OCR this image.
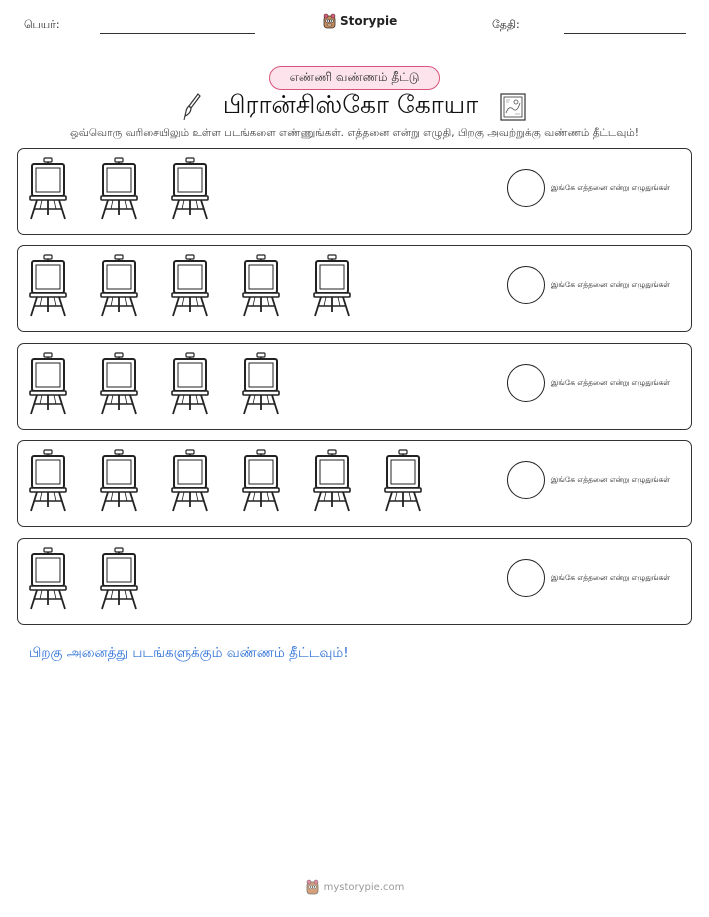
பெயர்:	Storypie	தேதி:
எண்ணி வண்ணம் தீட்டு
பிரான்சிஸ்கோ கோயா
ஒவ்வொரு வரிசையிலும் உள்ள படங்களை எண்ணுங்கள். எத்தனை என்று எழுதி, பிறகு அவற்றுக்கு வண்ணம் தீட்டவும்!
இங்கே எத்தனை என்று எழுதுங்கள்
இங்கே எத்தனை என்று எழுதுங்கள்
இங்கே எத்தனை என்று எழுதுங்கள்
இங்கே எத்தனை என்று எழுதுங்கள்
இங்கே எத்தனை என்று எழுதுங்கள்
பிறகு அனைத்து படங்களுக்கும் வண்ணம் தீட்டவும்!
mystorypie.com
